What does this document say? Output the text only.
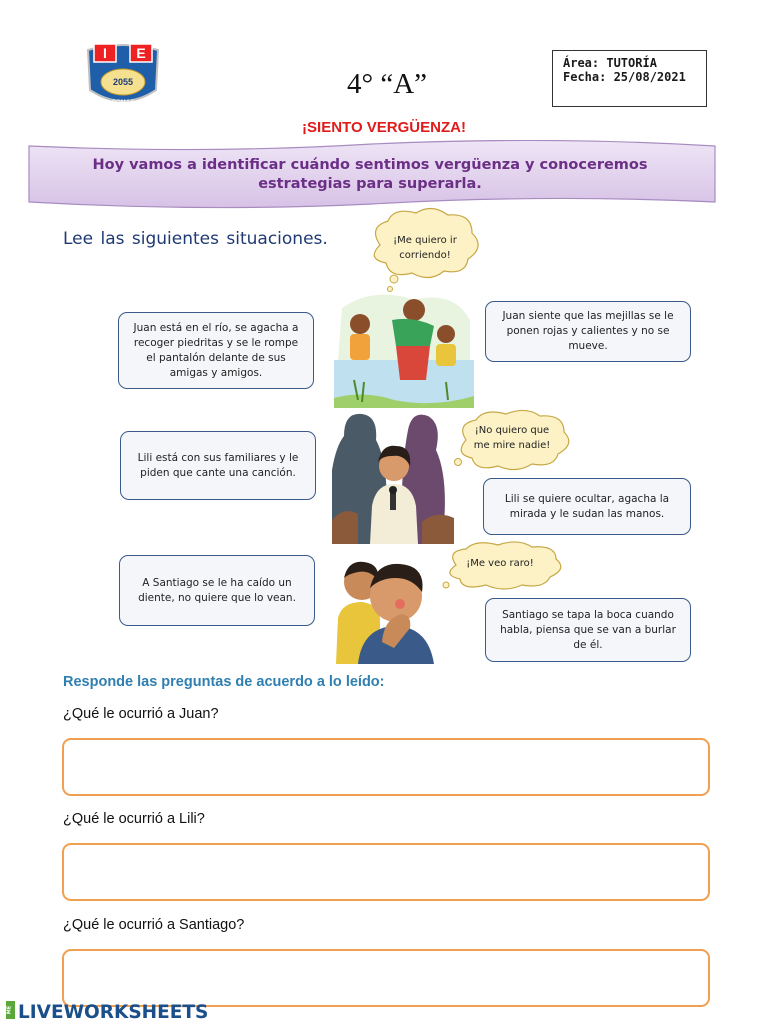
I E
2055
COMAS
4° “A”
Área: TUTORÍA
Fecha: 25/08/2021
¡SIENTO VERGÜENZA!
Hoy vamos a identificar cuándo sentimos vergüenza y conoceremos
estrategias para superarla.
Lee las siguientes situaciones.	¡Me quiero ir
corriendo!
¡No quiero que
me mire nadie!
¡Me veo raro!
Juan está en el río, se agacha a
recoger piedritas y se le rompe
el pantalón delante de sus
amigas y amigos.
Juan siente que las mejillas se le
ponen rojas y calientes y no se
mueve.
Lili está con sus familiares y le
piden que cante una canción.
Lili se quiere ocultar, agacha la
mirada y le sudan las manos.
A Santiago se le ha caído un
diente, no quiere que lo vean.
Santiago se tapa la boca cuando
habla, piensa que se van a burlar
de él.
Responde las preguntas de acuerdo a lo leído:
¿Qué le ocurrió a Juan?
¿Qué le ocurrió a Lili?
¿Qué le ocurrió a Santiago?
ME LIVEWORKSHEETS
